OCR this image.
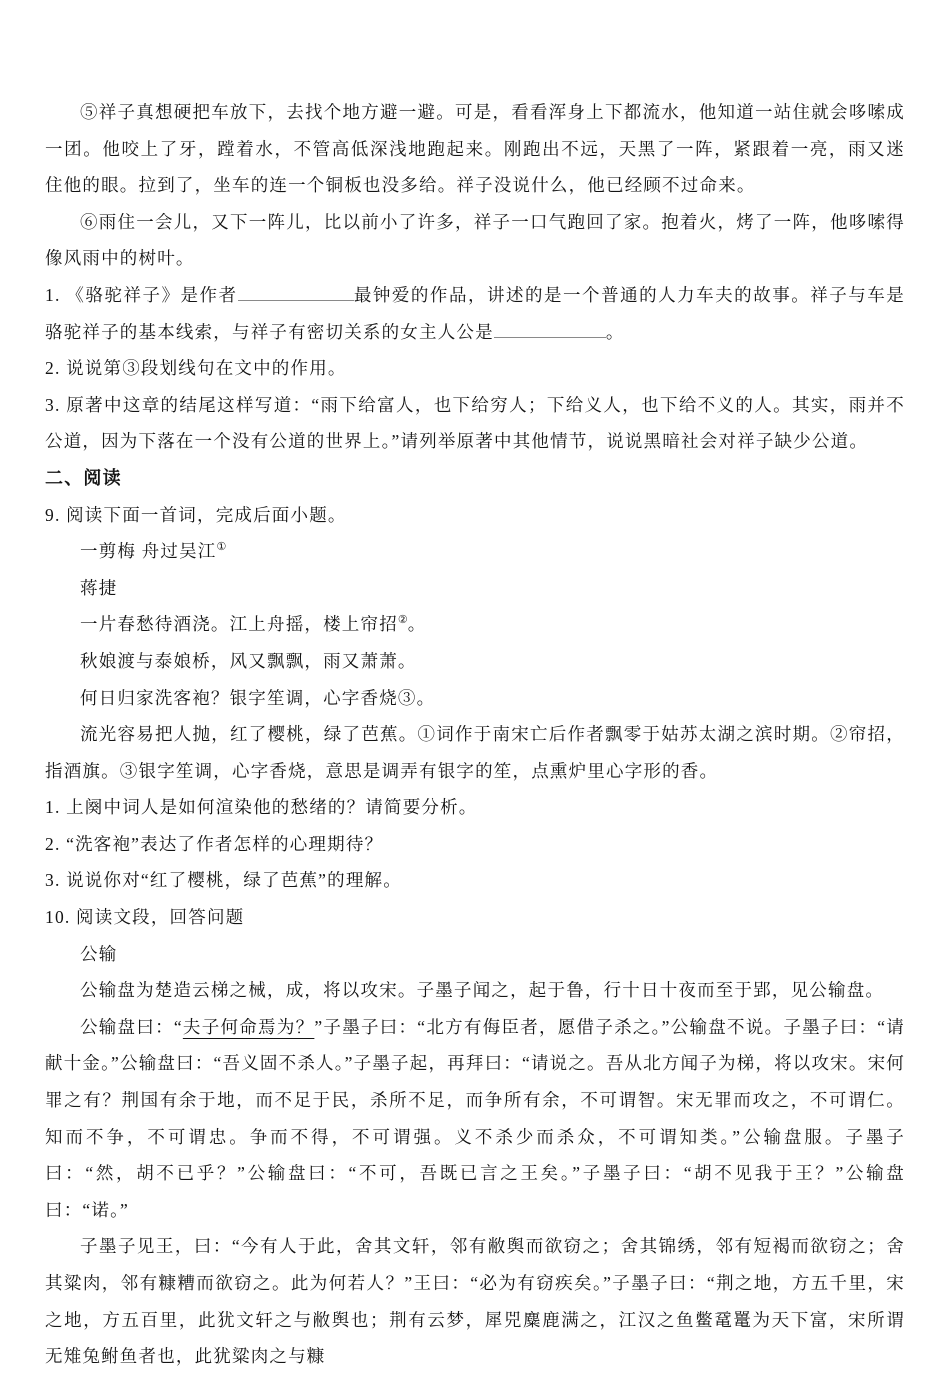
⑤祥子真想硬把车放下，去找个地方避一避。可是，看看浑身上下都流水，他知道一站住就会哆嗦成一团。他咬上了牙，蹚着水，不管高低深浅地跑起来。刚跑出不远，天黑了一阵，紧跟着一亮，雨又迷住他的眼。拉到了，坐车的连一个铜板也没多给。祥子没说什么，他已经顾不过命来。

⑥雨住一会儿，又下一阵儿，比以前小了许多，祥子一口气跑回了家。抱着火，烤了一阵，他哆嗦得像风雨中的树叶。

1. 《骆驼祥子》是作者	最钟爱的作品，讲述的是一个普通的人力车夫的故事。祥子与车是骆驼祥子的基本线索，与祥子有密切关系的女主人公是	。

2. 说说第③段划线句在文中的作用。

3. 原著中这章的结尾这样写道：“雨下给富人，也下给穷人；下给义人，也下给不义的人。其实，雨并不公道，因为下落在一个没有公道的世界上。”请列举原著中其他情节，说说黑暗社会对祥子缺少公道。

二、阅读

9. 阅读下面一首词，完成后面小题。

一剪梅 舟过吴江①

蒋捷

一片春愁待酒浇。江上舟摇，楼上帘招②。

秋娘渡与泰娘桥，风又飘飘，雨又萧萧。

何日归家洗客袍？银字笙调，心字香烧③。

流光容易把人抛，红了樱桃，绿了芭蕉。①词作于南宋亡后作者飘零于姑苏太湖之滨时期。②帘招，指酒旗。③银字笙调，心字香烧，意思是调弄有银字的笙，点熏炉里心字形的香。

1. 上阕中词人是如何渲染他的愁绪的？请简要分析。

2. “洗客袍”表达了作者怎样的心理期待？

3. 说说你对“红了樱桃，绿了芭蕉”的理解。

10. 阅读文段，回答问题

公输

公输盘为楚造云梯之械，成，将以攻宋。子墨子闻之，起于鲁，行十日十夜而至于郢，见公输盘。

公输盘曰：“夫子何命焉为？”子墨子曰：“北方有侮臣者，愿借子杀之。”公输盘不说。子墨子曰：“请献十金。”公输盘曰：“吾义固不杀人。”子墨子起，再拜曰：“请说之。吾从北方闻子为梯，将以攻宋。宋何罪之有？荆国有余于地，而不足于民，杀所不足，而争所有余，不可谓智。宋无罪而攻之，不可谓仁。知而不争，不可谓忠。争而不得，不可谓强。义不杀少而杀众，不可谓知类。”公输盘服。子墨子曰：“然，胡不已乎？”公输盘曰：“不可，吾既已言之王矣。”子墨子曰：“胡不见我于王？”公输盘曰：“诺。”

子墨子见王，曰：“今有人于此，舍其文轩，邻有敝舆而欲窃之；舍其锦绣，邻有短褐而欲窃之；舍其粱肉，邻有糠糟而欲窃之。此为何若人？”王曰：“必为有窃疾矣。”子墨子曰：“荆之地，方五千里，宋之地，方五百里，此犹文轩之与敝舆也；荆有云梦，犀兕麋鹿满之，江汉之鱼鳖鼋鼍为天下富，宋所谓无雉兔鲋鱼者也，此犹粱肉之与糠
